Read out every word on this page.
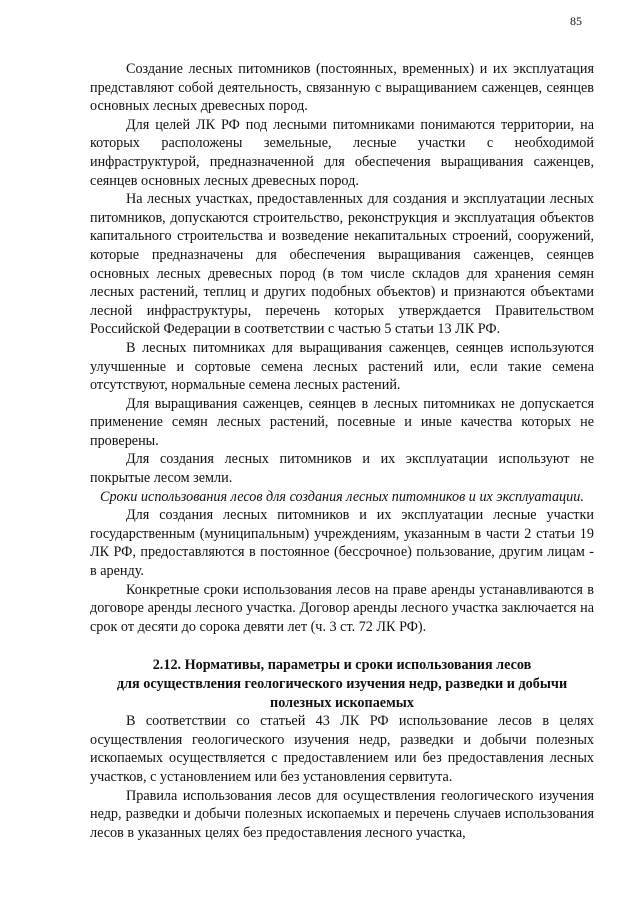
85

Создание лесных питомников (постоянных, временных) и их эксплуатация представляют собой деятельность, связанную с выращиванием саженцев, сеянцев основных лесных древесных пород.

Для целей ЛК РФ под лесными питомниками понимаются территории, на которых расположены земельные, лесные участки с необходимой инфраструктурой, предназначенной для обеспечения выращивания саженцев, сеянцев основных лесных древесных пород.

На лесных участках, предоставленных для создания и эксплуатации лесных питомников, допускаются строительство, реконструкция и эксплуатация объектов капитального строительства и возведение некапитальных строений, сооружений, которые предназначены для обеспечения выращивания саженцев, сеянцев основных лесных древесных пород (в том числе складов для хранения семян лесных растений, теплиц и других подобных объектов) и признаются объектами лесной инфраструктуры, перечень которых утверждается Правительством Российской Федерации в соответствии с частью 5 статьи 13 ЛК РФ.

В лесных питомниках для выращивания саженцев, сеянцев используются улучшенные и сортовые семена лесных растений или, если такие семена отсутствуют, нормальные семена лесных растений.

Для выращивания саженцев, сеянцев в лесных питомниках не допускается применение семян лесных растений, посевные и иные качества которых не проверены.

Для создания лесных питомников и их эксплуатации используют не покрытые лесом земли.

Сроки использования лесов для создания лесных питомников и их эксплуатации.

Для создания лесных питомников и их эксплуатации лесные участки государственным (муниципальным) учреждениям, указанным в части 2 статьи 19 ЛК РФ, предоставляются в постоянное (бессрочное) пользование, другим лицам - в аренду.

Конкретные сроки использования лесов на праве аренды устанавливаются в договоре аренды лесного участка. Договор аренды лесного участка заключается на срок от десяти до сорока девяти лет (ч. 3 ст. 72 ЛК РФ).

2.12. Нормативы, параметры и сроки использования лесов
для осуществления геологического изучения недр, разведки и добычи
полезных ископаемых

В соответствии со статьей 43 ЛК РФ использование лесов в целях осуществления геологического изучения недр, разведки и добычи полезных ископаемых осуществляется с предоставлением или без предоставления лесных участков, с установлением или без установления сервитута.

Правила использования лесов для осуществления геологического изучения недр, разведки и добычи полезных ископаемых и перечень случаев использования лесов в указанных целях без предоставления лесного участка,
